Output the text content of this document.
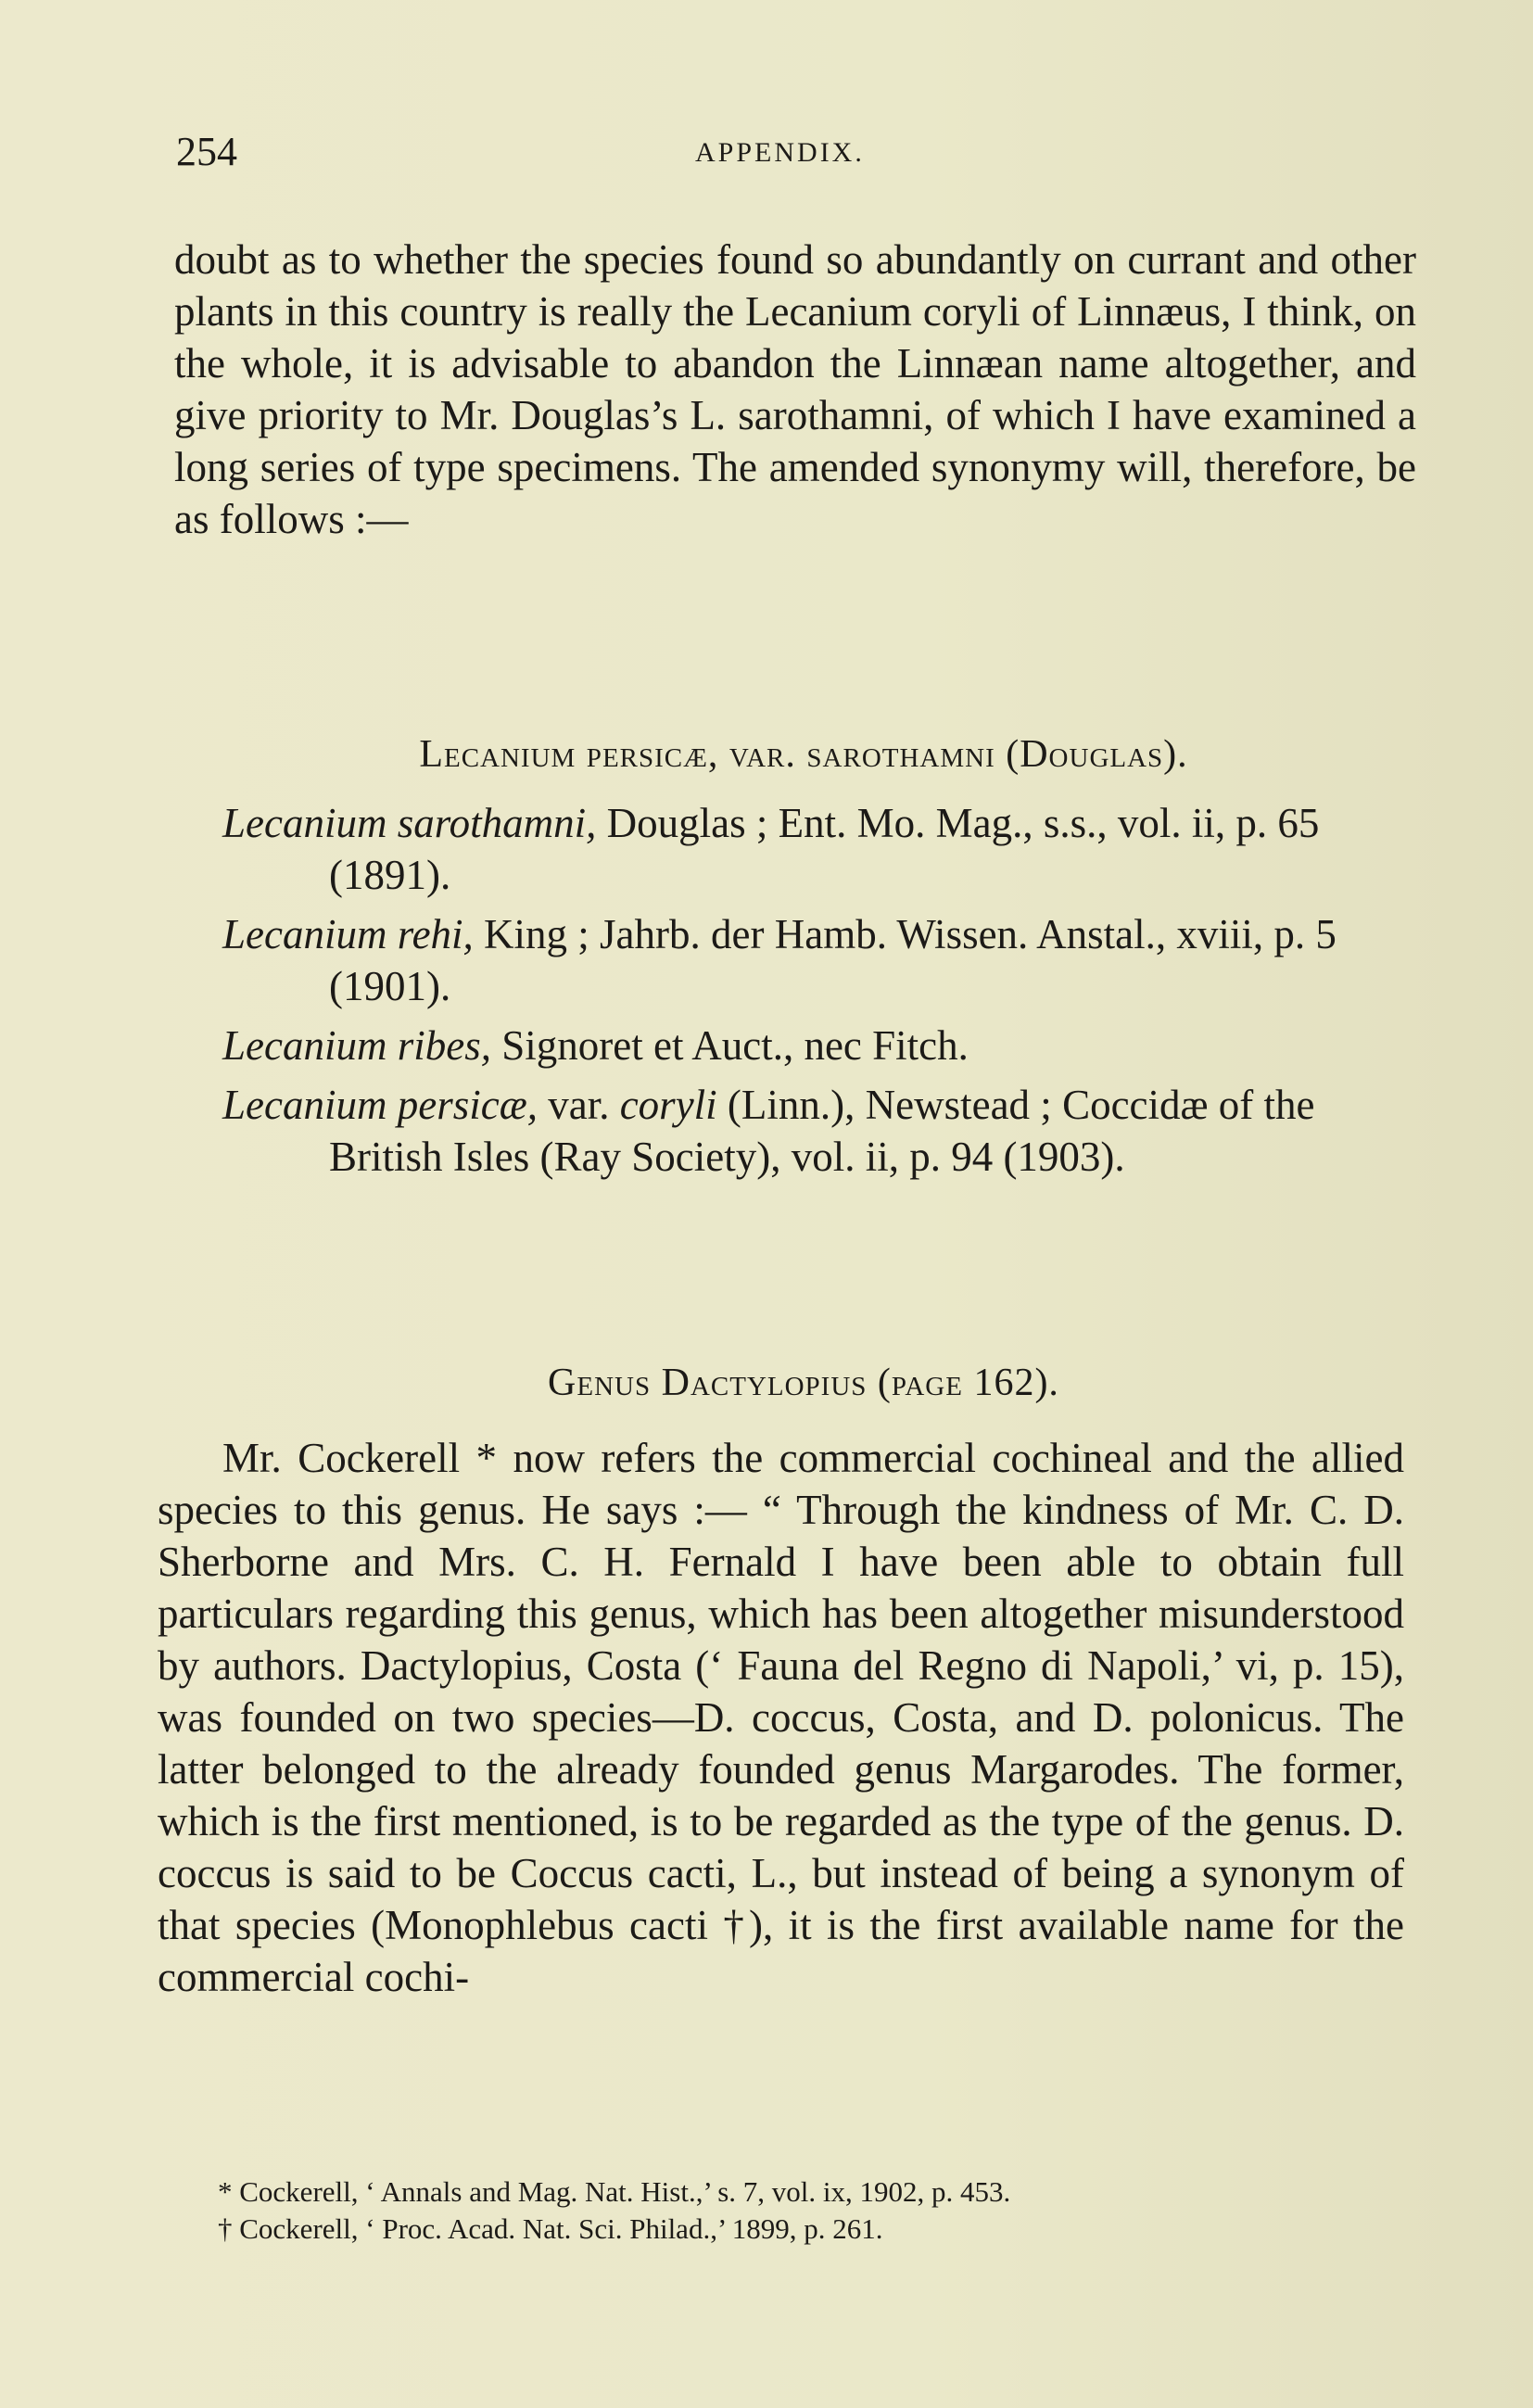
254	APPENDIX.

doubt as to whether the species found so abundantly on currant and other plants in this country is really the Lecanium coryli of Linnæus, I think, on the whole, it is advisable to abandon the Linnæan name altogether, and give priority to Mr. Douglas’s L. sarothamni, of which I have examined a long series of type specimens. The amended synonymy will, therefore, be as follows :—

Lecanium persicæ, var. sarothamni (Douglas).
Lecanium sarothamni, Douglas ; Ent. Mo. Mag., s.s., vol. ii, p. 65 (1891).
Lecanium rehi, King ; Jahrb. der Hamb. Wissen. Anstal., xviii, p. 5 (1901).
Lecanium ribes, Signoret et Auct., nec Fitch.
Lecanium persicæ, var. coryli (Linn.), Newstead ; Coccidæ of the British Isles (Ray Society), vol. ii, p. 94 (1903).
Genus Dactylopius (page 162).

Mr. Cockerell * now refers the commercial cochineal and the allied species to this genus. He says :— “ Through the kindness of Mr. C. D. Sherborne and Mrs. C. H. Fernald I have been able to obtain full particulars regarding this genus, which has been altogether misunderstood by authors. Dactylopius, Costa (‘ Fauna del Regno di Napoli,’ vi, p. 15), was founded on two species—D. coccus, Costa, and D. polonicus. The latter belonged to the already founded genus Margarodes. The former, which is the first mentioned, is to be regarded as the type of the genus. D. coccus is said to be Coccus cacti, L., but instead of being a synonym of that species (Monophlebus cacti †), it is the first available name for the commercial cochi-

* Cockerell, ‘ Annals and Mag. Nat. Hist.,’ s. 7, vol. ix, 1902, p. 453.
† Cockerell, ‘ Proc. Acad. Nat. Sci. Philad.,’ 1899, p. 261.
